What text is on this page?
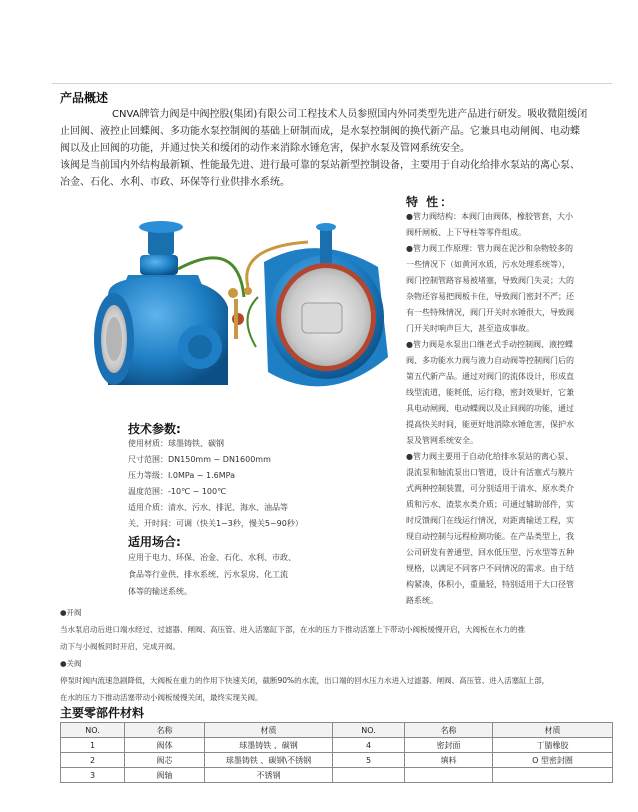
产品概述
CNVA牌管力阀是中阀控股(集团)有限公司工程技术人员参照国内外同类型先进产品进行研发。吸收微阻缓闭
止回阀、液控止回蝶阀、多功能水泵控制阀的基础上研制而成，是水泵控制阀的换代新产品。它兼具电动闸阀、电动蝶
阀以及止回阀的功能，并通过快关和缓闭的动作来消除水锤危害，保护水泵及管网系统安全。
该阀是当前国内外结构最新颖、性能最先进、进行最可靠的泵站新型控制设备，主要用于自动化给排水泵站的离心泵、
冶金、石化、水利、市政、环保等行业供排水系统。
特 性：
●管力阀结构：本阀门由阀体，橡胶管套，大小
阀杆闸板、上下导柱等零件组成。
●管力阀工作原理：管力阀在泥沙和杂物较多的
一些情况下（如黄河水质，污水处理系统等），
阀门控制管路容易被堵塞，导致阀门失灵；大的
杂物还容易把阀板卡住，导致阀门密封不严；还
有一些特殊情况，阀门开关时水锤很大，导致阀
门开关时响声巨大，甚至造成事故。
●管力阀是水泵出口继老式手动控制阀、液控蝶
阀、多功能水力阀与液力自动阀等控制阀门后的
第五代新产品。通过对阀门的流体设计，形成直
线型流道，能耗低，运行稳，密封效果好，它兼
具电动闸阀、电动蝶阀以及止回阀的功能，通过
提高快关时间，能更好地消除水锤危害，保护水
泵及管网系统安全。
●管力阀主要用于自动化给排水泵站的离心泵、
混流泵和轴流泵出口管道，设计有活塞式与膜片
式两种控制装置，可分别适用于清水、原水类介
质和污水、渣浆水类介质；可通过辅助部件，实
时反馈阀门在线运行情况，对距离输送工程，实
现自动控制与远程检测功能。在产品类型上，我
公司研发有普通型、回水低压型、污水型等五种
规格，以满足不同客户不同情况的需求。由于结
构紧凑，体积小，重量轻，特别适用于大口径管
路系统。
技术参数:
使用材质：球墨铸铁、碳钢
尺寸范围：DN150mm ~ DN1600mm
压力等级：I.0MPa ~ 1.6MPa
温度范围：-10℃ ~ 100℃
适用介质：清水、污水、排泥、海水、油品等
关、开时间：可调（快关1~3秒，慢关5~90秒）
适用场合:
应用于电力、环保、冶金、石化、水利、市政、
食品等行业供、排水系统、污水泵房、化工流
体等的输送系统。
●开阀
当水泵启动后进口端水经过、过滤器、闸阀、高压管、进入活塞缸下部，在水的压力下推动活塞上下带动小阀板缓慢开启，大阀板在水力的推
动下与小阀板同时开启，完成开阀。
●关阀
停泵时阀内流速急剧降低，大阀板在重力的作用下快速关闭，截断90%的水流，出口端的回水压力水进入过滤器、闸阀、高压管、进入活塞缸上部，
在水的压力下推动活塞带动小阀板缓慢关闭，最终实现关阀。
主要零部件材料
NO.	名称	材质	NO.	名称	材质
1	阀体	球墨铸铁 、碳钢	4	密封面	丁腈橡胶
2	阀芯	球墨铸铁 、碳钢\不锈钢	5	填料	O 型密封圈
3	阀轴	不锈钢			
